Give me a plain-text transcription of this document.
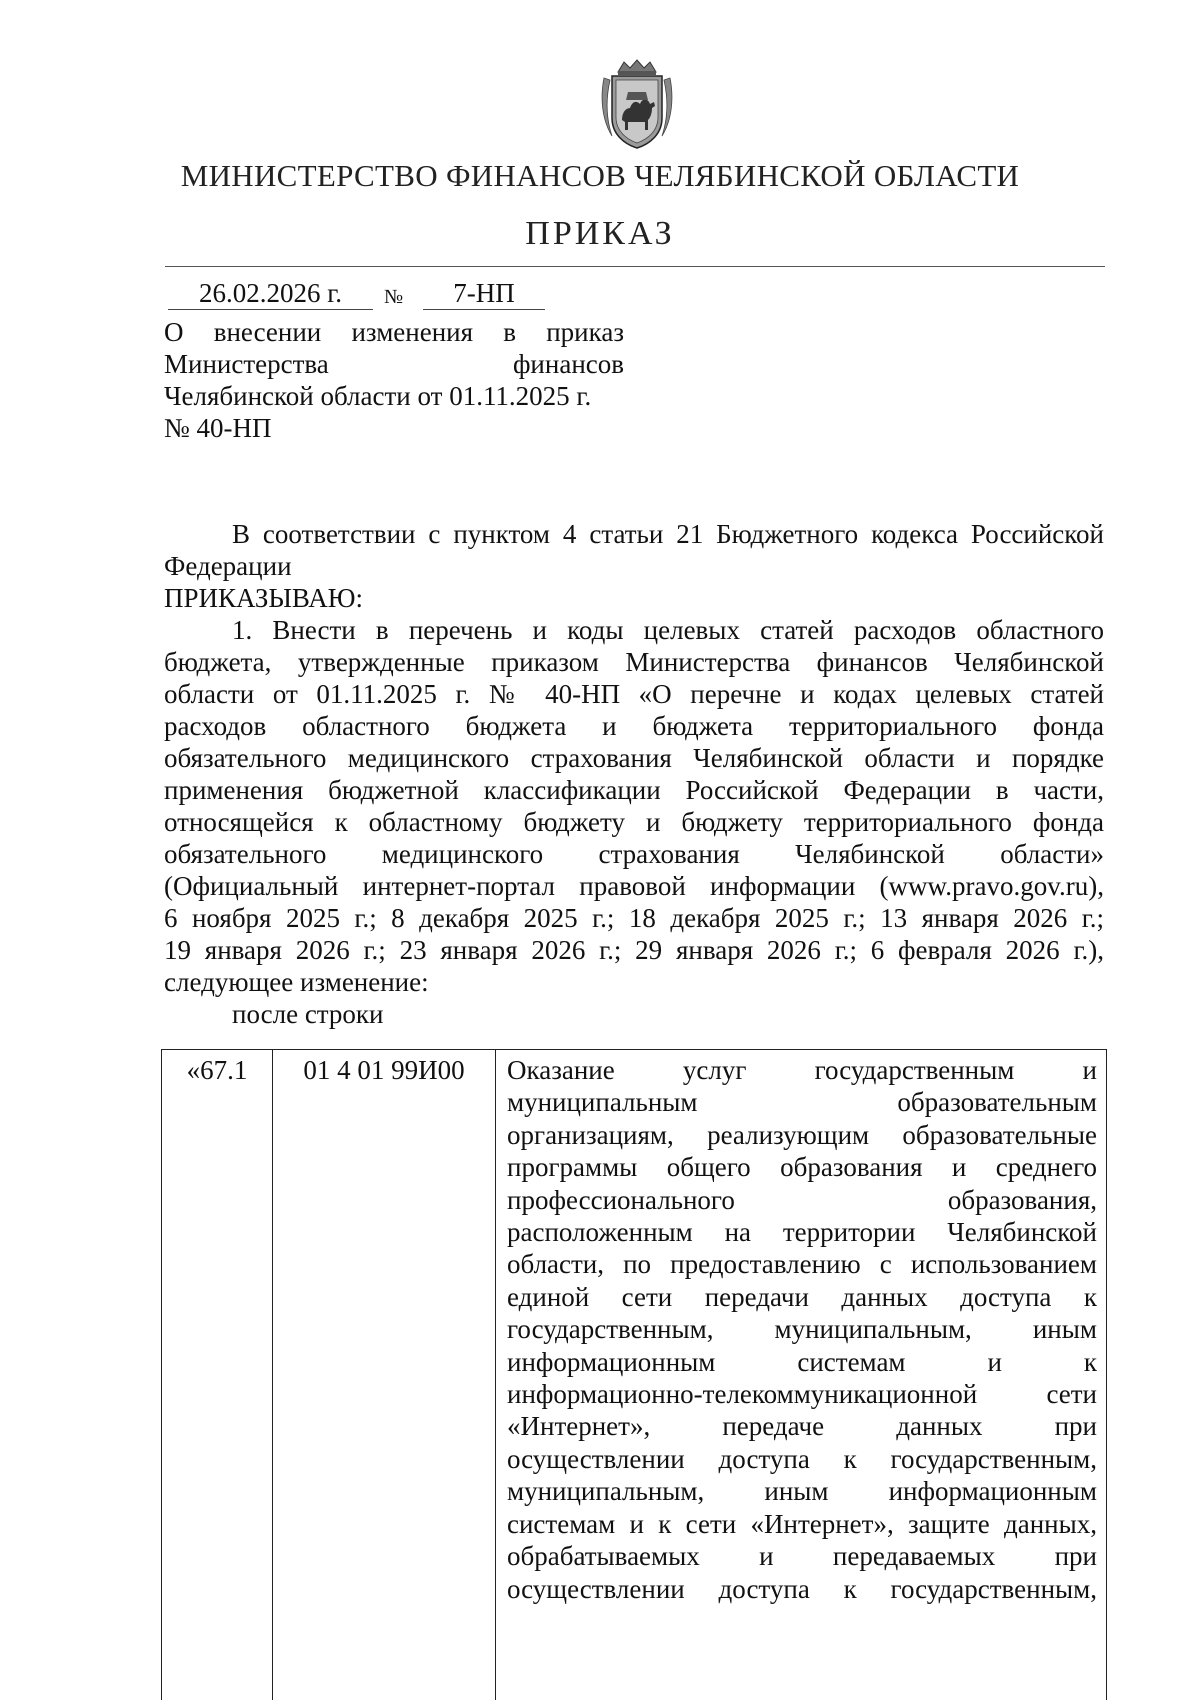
МИНИСТЕРСТВО ФИНАНСОВ ЧЕЛЯБИНСКОЙ ОБЛАСТИ
ПРИКАЗ
26.02.2026 г.	№	7-НП
О внесении изменения в приказ
Министерства финансов
Челябинской области от 01.11.2025 г.
№ 40-НП
В соответствии с пунктом 4 статьи 21 Бюджетного кодекса Российской
Федерации
ПРИКАЗЫВАЮ:
1. Внести в перечень и коды целевых статей расходов областного
бюджета, утвержденные приказом Министерства финансов Челябинской
области от 01.11.2025 г. № 40-НП «О перечне и кодах целевых статей
расходов областного бюджета и бюджета территориального фонда
обязательного медицинского страхования Челябинской области и порядке
применения бюджетной классификации Российской Федерации в части,
относящейся к областному бюджету и бюджету территориального фонда
обязательного медицинского страхования Челябинской области»
(Официальный интернет-портал правовой информации (www.pravo.gov.ru),
6 ноября 2025 г.; 8 декабря 2025 г.; 18 декабря 2025 г.; 13 января 2026 г.;
19 января 2026 г.; 23 января 2026 г.; 29 января 2026 г.; 6 февраля 2026 г.),
следующее изменение:
после строки
«67.1	01 4 01 99И00	Оказание услуг государственным и
муниципальным образовательным
организациям, реализующим образовательные
программы общего образования и среднего
профессионального образования,
расположенным на территории Челябинской
области, по предоставлению с использованием
единой сети передачи данных доступа к
государственным, муниципальным, иным
информационным системам и к
информационно-телекоммуникационной сети
«Интернет», передаче данных при
осуществлении доступа к государственным,
муниципальным, иным информационным
системам и к сети «Интернет», защите данных,
обрабатываемых и передаваемых при
осуществлении доступа к государственным,
